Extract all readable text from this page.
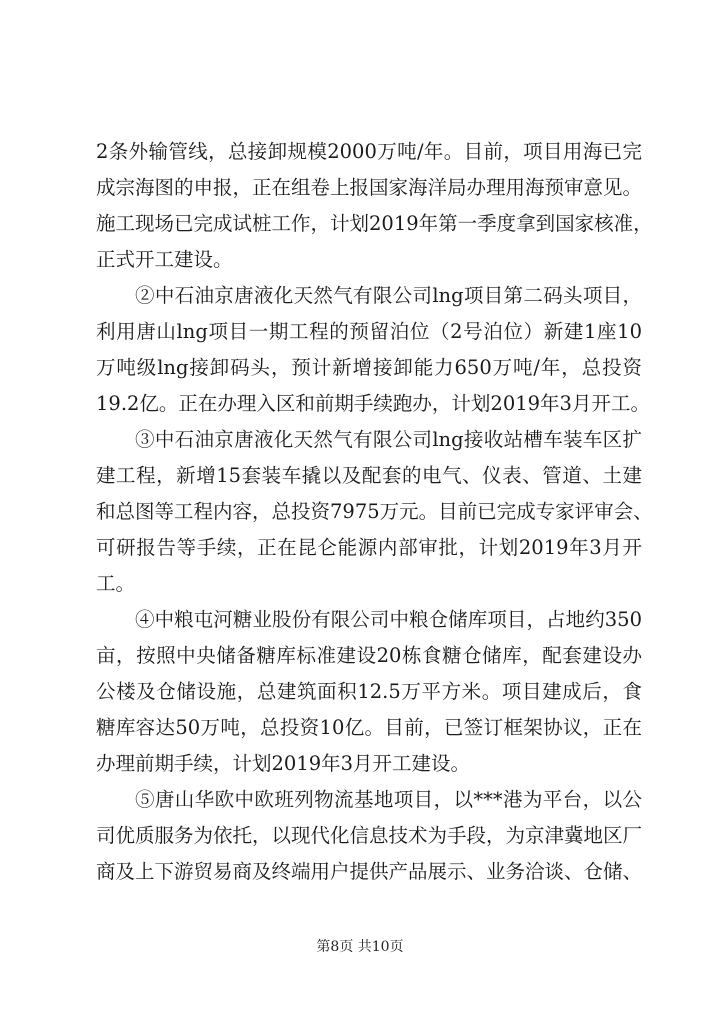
2条外输管线，总接卸规模2000万吨/年。目前，项目用海已完
成宗海图的申报，正在组卷上报国家海洋局办理用海预审意见。
施工现场已完成试桩工作，计划2019年第一季度拿到国家核准，
正式开工建设。
②中石油京唐液化天然气有限公司lng项目第二码头项目，
利用唐山lng项目一期工程的预留泊位（2号泊位）新建1座10
万吨级lng接卸码头，预计新增接卸能力650万吨/年，总投资
19.2亿。正在办理入区和前期手续跑办，计划2019年3月开工。
③中石油京唐液化天然气有限公司lng接收站槽车装车区扩
建工程，新增15套装车撬以及配套的电气、仪表、管道、土建
和总图等工程内容，总投资7975万元。目前已完成专家评审会、
可研报告等手续，正在昆仑能源内部审批，计划2019年3月开
工。
④中粮屯河糖业股份有限公司中粮仓储库项目，占地约350
亩，按照中央储备糖库标准建设20栋食糖仓储库，配套建设办
公楼及仓储设施，总建筑面积12.5万平方米。项目建成后，食
糖库容达50万吨，总投资10亿。目前，已签订框架协议，正在
办理前期手续，计划2019年3月开工建设。
⑤唐山华欧中欧班列物流基地项目，以***港为平台，以公
司优质服务为依托，以现代化信息技术为手段，为京津冀地区厂
商及上下游贸易商及终端用户提供产品展示、业务洽谈、仓储、
第8页 共10页
